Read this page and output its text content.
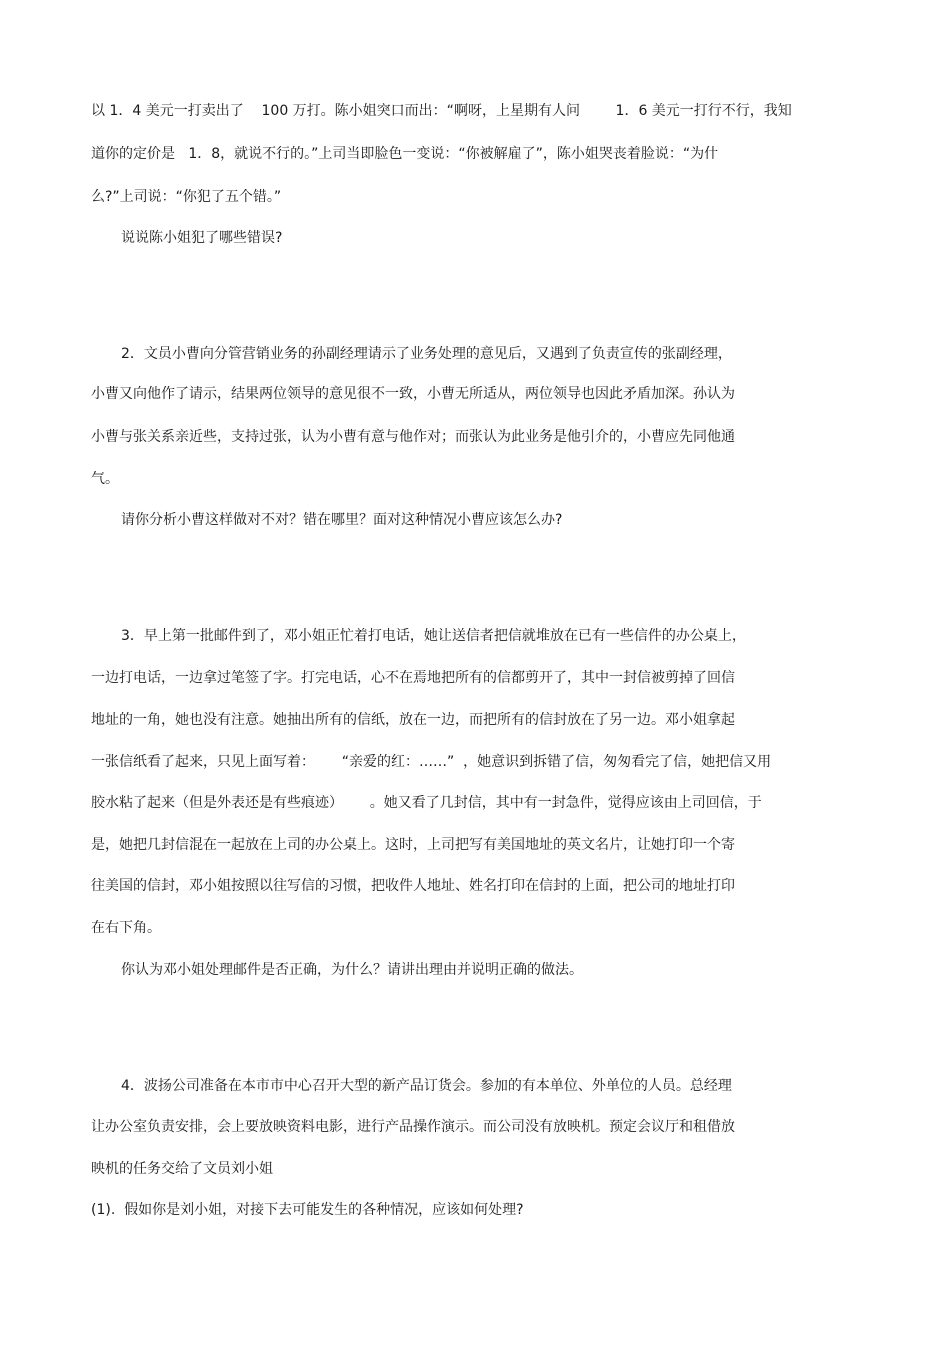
以 1．4 美元一打卖出了    100 万打。陈小姐突口而出：“啊呀，上星期有人问        1．6 美元一打行不行，我知

道你的定价是   1．8，就说不行的。”上司当即脸色一变说：“你被解雇了”，陈小姐哭丧着脸说：“为什

么?”上司说：“你犯了五个错。”

说说陈小姐犯了哪些错误?

2．文员小曹向分管营销业务的孙副经理请示了业务处理的意见后，又遇到了负责宣传的张副经理，

小曹又向他作了请示，结果两位领导的意见很不一致，小曹无所适从，两位领导也因此矛盾加深。孙认为

小曹与张关系亲近些，支持过张，认为小曹有意与他作对；而张认为此业务是他引介的，小曹应先同他通

气。

请你分析小曹这样做对不对？错在哪里？面对这种情况小曹应该怎么办?

3．早上第一批邮件到了，邓小姐正忙着打电话，她让送信者把信就堆放在已有一些信件的办公桌上，

一边打电话，一边拿过笔签了字。打完电话，心不在焉地把所有的信都剪开了，其中一封信被剪掉了回信

地址的一角，她也没有注意。她抽出所有的信纸，放在一边，而把所有的信封放在了另一边。邓小姐拿起

一张信纸看了起来，只见上面写着：      “亲爱的红：……”  ，她意识到拆错了信，匆匆看完了信，她把信又用

胶水粘了起来（但是外表还是有些痕迹）      。她又看了几封信，其中有一封急件，觉得应该由上司回信，于

是，她把几封信混在一起放在上司的办公桌上。这时，上司把写有美国地址的英文名片，让她打印一个寄

往美国的信封，邓小姐按照以往写信的习惯，把收件人地址、姓名打印在信封的上面，把公司的地址打印

在右下角。

你认为邓小姐处理邮件是否正确，为什么？请讲出理由并说明正确的做法。

4．波扬公司准备在本市市中心召开大型的新产品订货会。参加的有本单位、外单位的人员。总经理

让办公室负责安排，会上要放映资料电影，进行产品操作演示。而公司没有放映机。预定会议厅和租借放

映机的任务交给了文员刘小姐

(1).  假如你是刘小姐，对接下去可能发生的各种情况，应该如何处理?
